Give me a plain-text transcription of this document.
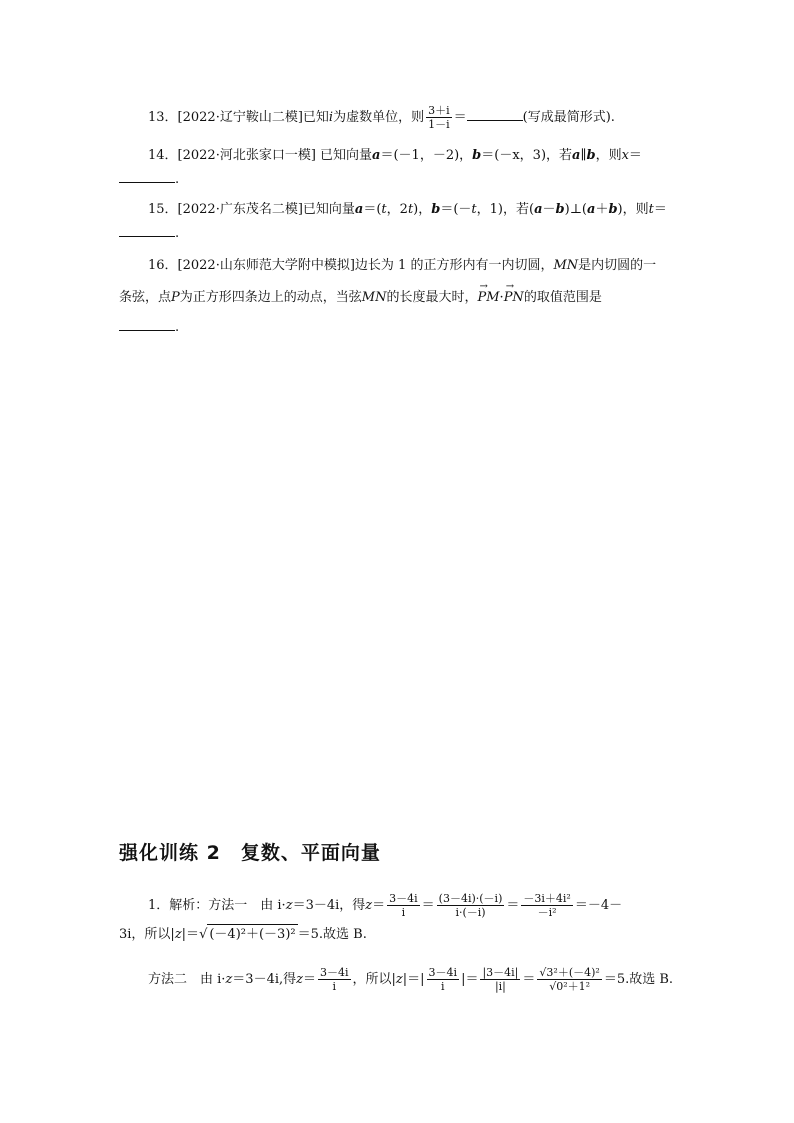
13．[2022·辽宁鞍山二模]已知i为虚数单位，则 $\frac{3+i}{1-i}$ ＝	(写成最简形式).
14．[2022·河北张家口一模] 已知向量a＝(－1，－2)，b＝(－x，3)，若a∥b，则x＝
.
15．[2022·广东茂名二模]已知向量a＝(t，2t)，b＝(－t，1)，若(a－b)⊥(a＋b)，则t＝
.
16．[2022·山东师范大学附中模拟]边长为 1 的正方形内有一内切圆，MN是内切圆的一
条弦，点P为正方形四条边上的动点，当弦MN的长度最大时，→ PM·→ PN的取值范围是
.
强化训练 2　复数、平面向量
1．解析：方法一　由 i·z＝3－4i，得$z= \frac{3-4i}{i} = \frac{(3-4i)\cdot(-i)}{i\cdot(-i)} = \frac{\text{－3i＋4i²}}{\text{－i²}} =-4-$
3i，所以|z|＝√ (－4)²＋(－3)² ＝5.故选 B.
方法二　由 i·z＝3－4i,得$z= \frac{3-4i}{i}$ ，所以$|z|=| \frac{3-4i}{i}$ |＝ $\frac{|3-4i|}{|i|} = \frac{\text{√3²＋(－4)²}}{\text{√0²＋1²}} =5$.故选 B.
